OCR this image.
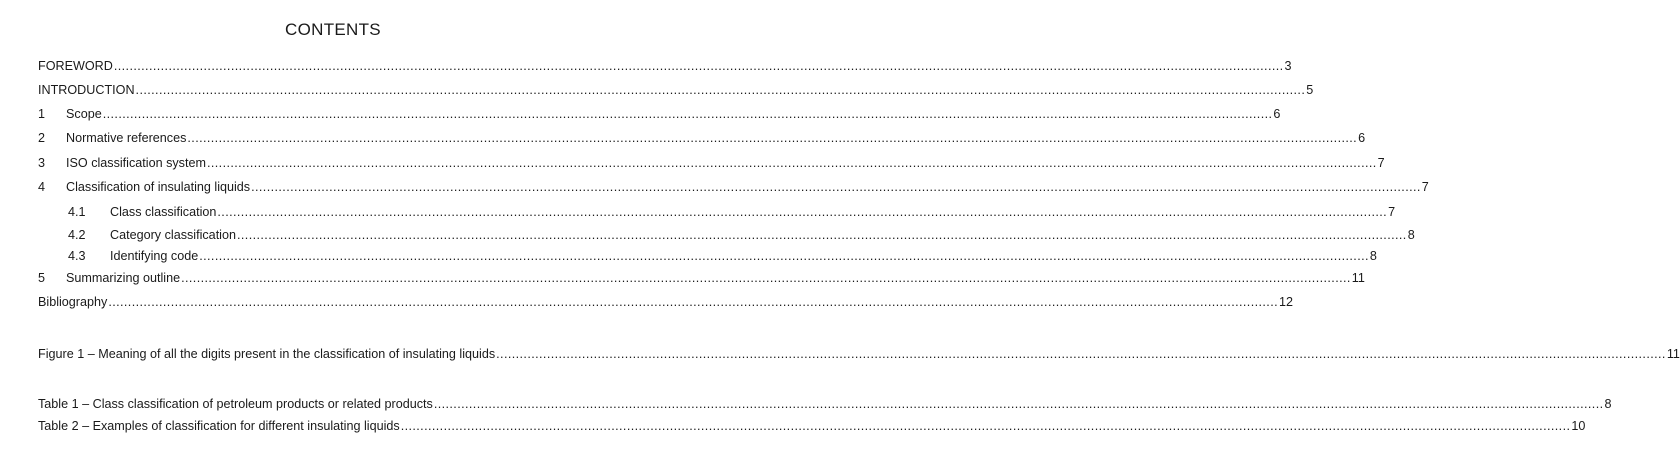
CONTENTS
FOREWORD ............................................................................................................................................................................................................................................................................................................ 3
INTRODUCTION ............................................................................................................................................................................................................................................................................................................ 5
1	Scope ............................................................................................................................................................................................................................................................................................................ 6
2	Normative references ............................................................................................................................................................................................................................................................................................................ 6
3	ISO classification system ............................................................................................................................................................................................................................................................................................................ 7
4	Classification of insulating liquids ............................................................................................................................................................................................................................................................................................................ 7
4.1	Class classification ............................................................................................................................................................................................................................................................................................................ 7
4.2	Category classification ............................................................................................................................................................................................................................................................................................................ 8
4.3	Identifying code ............................................................................................................................................................................................................................................................................................................ 8
5	Summarizing outline ............................................................................................................................................................................................................................................................................................................ 11
Bibliography ............................................................................................................................................................................................................................................................................................................ 12
Figure 1 – Meaning of all the digits present in the classification of insulating liquids ............................................................................................................................................................................................................................................................................................................ 11
Table 1 – Class classification of petroleum products or related products ............................................................................................................................................................................................................................................................................................................ 8
Table 2 – Examples of classification for different insulating liquids ............................................................................................................................................................................................................................................................................................................ 10
